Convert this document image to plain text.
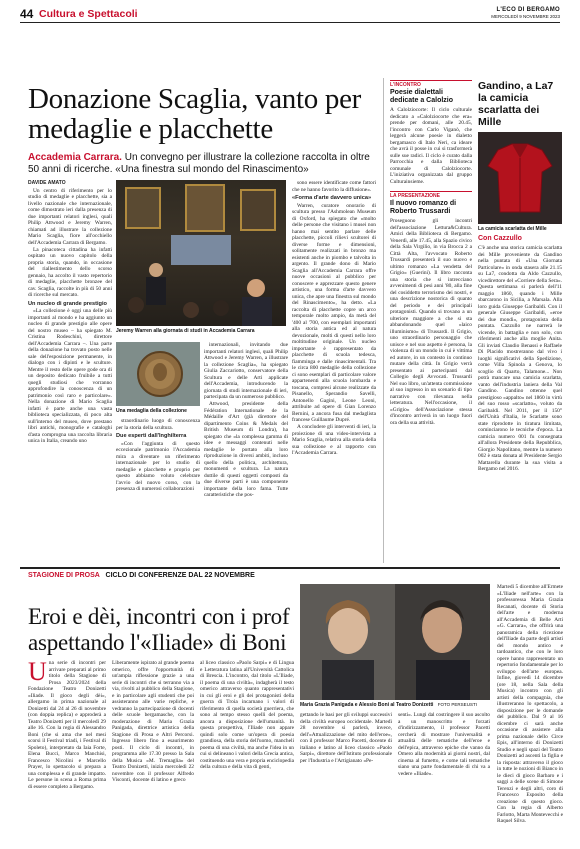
44 Cultura e Spettacoli	L'ECO DI BERGAMO
MERCOLEDÌ 9 NOVEMBRE 2023
Donazione Scaglia, vanto per medaglie e placchette
Accademia Carrara. Un convegno per illustrare la collezione raccolta in oltre 50 anni di ricerche. «Una finestra sul mondo del Rinascimento»
DAVIDE AMATO

Un centro di riferimento per lo studio di medaglie e placchette, sia a livello nazionale che internazionale, come dimostrato ieri dalla presenza di due importanti relatori inglesi, quali Philip Attwood e Jeremy Warren, chiamati ad illustrare la collezione Mario Scaglia, fiore all'occhiello dell'Accademia Carrara di Bergamo.

La pinacoteca cittadina ha infatti ospitato un nuovo capitolo della propria storia, quando, in occasione del riallestimento dello scorso gennaio, ha accolto il vasto repertorio di medaglie, placchette bronzee del cav. Scaglia, raccolte in più di 50 anni di ricerche sul mercato.

Un nucleo di grande prestigio

«La collezione è oggi una delle più importanti al mondo e ha aggiunto un nucleo di grande prestigio alle opere del nostro museo – ha spiegato M. Cristina Rodeschini, direttore dell'Accademia Carrara –. Una parte della donazione ha trovato posto nelle sale dell'esposizione permanente, in dialogo con i dipinti e le sculture. Mentre il resto delle opere gode ora di un deposito dedicato fruibile a tutti quegli studiosi che vorranno approfondire la conoscenza di un patrimonio così raro e particolare». Nella donazione di Mario Scaglia infatti è parte anche una vasta biblioteca specializzata, di poco alta sull'interno del museo, dove prestano libri antichi, monografie e cataloghi d'asta comprogna una raccolta libraria unica in Italia, creando uno

Jeremy Warren alla giornata di studi in Accademia Carrara
Una medaglia della collezione

straordinario luogo di conoscenza per la storia della scultura.

Due esperti dall'Inghilterra

«Con l'aggiunta di questo eccezionale patrimonio l'Accademia mira a diventare un riferimento internazionale per lo studio di medaglie e placchette e proprio per questo abbiamo voluto celebrare l'avvio del nuovo corso, con la presenza di numerosi collaborazioni

internazionali, invitando due importanti relatori inglesi, quali Philip Attwood e Jeremy Warren, a illustrare la collezione Scaglia», ha spiegato Giulia Zaccariotto, conservatore della Scultura e delle Arti applicate dell'Accademia, introducendo la giornata di studi internazionale di ieri, partecipata da un numeroso pubblico.

Attwood, presidente della Fédération Internationale de la Médaille d'Art (già direttore del dipartimento Coins & Medals del British Museum di Londra), ha spiegato che «la complessa gamma di idee e messaggi contenuti nelle medaglie le portato alla loro riproduzione in diversi ambiti, incluso quello della politica, architettura, monumenti e scultura. La natura duttile di questi oggetti composti da due diverse parti è una componente importante della loro fama. Tutte caratteristiche che pos-

sono essere identificate come fattori che ne hanno favorito la diffusione».

«Forma d'arte davvero unica»

Warren, curatore onorario di scultura presso l'Ashmolean Museum di Oxford, ha spiegato che «molto delle persone che visitano i musei non hanno mai sentito parlare delle placchette, piccoli rilievi scultorei di diverse forme e dimensioni, solitamente realizzati in bronzo ma esistenti anche in piombo e talvolta in argento. Il grande dono di Mario Scaglia all'Accademia Carrara offre nuove occasioni al pubblico per conoscere e apprezzare questo genere artistico, una forma d'arte davvero unica, che apre una finestra sul mondo del Rinascimento», ha detto. «La raccolta di placchette copre un arco temporale molto ampio, da metà del '400 al '700, con esemplari importanti alla storia antica ed al natura devozionale, molti di questi nello loro moltitudine originale. Un nucleo importante è rappresentato da placchette di scuola tedesca, fiamminga e dalle rinascimentali. Tra le circa 800 medaglie della collezione ci sono esemplari di particolare valore appartenenti alla scuola lombarda e toscana, compresi alcune realizzate da Pisanello, Sperandio Savelli, Antonello Gagini, Leone Leoni, attribuite ad opere di Gian Lorenzo Bernini, a ancora fusa dal medaglista francese Guillaume Dupré.

A concludere gli interventi di ieri, la proiezione di una video-intervista a Mario Scaglia, relativa alla storia della sua collezione e al rapporto con l'Accademia Carrara.

L'INCONTRO
Poesie dialettali dedicate a Calolzio
A Calolziocorte: Il ciclo culturale dedicato a «Calolziocorte che era» prende per domani, alle 20.45, l'incontro con Carlo Viganò, che leggerà alcune poesie in dialetto bergamasco di Italo Neri, ca ideare che avrà il posse in cui si trasformerà sulle sue radici. Il ciclo è curato dalla Parrocchia e dalla Biblioteca comunale di Calolziocorte. L'iniziativa organizzata dal gruppo Culturainsieme.
LA PRESENTAZIONE
Il nuovo romanzo di Roberto Trussardi
Proseguono gli incontri dell'associazione Lettura&Cultura. Amici della Biblioteca di Bergamo. Venerdì, alle 17.45, alla Spazio civico della Sala Virgilio, in via Brocca 2 a Città Alta, l'avvocato Roberto Trussardi presenterà il suo nuovo e ultimo romanzo «La vendetta del Grigio» (Guerini). Il libro racconta una storia che si intrecciano avvenimenti di pesi anni '80, alla fine del cosiddetto terrorismo dei nostri, e una descrizione nostorica di quanto del periodo e dei principali protagonisti. Quando si trovano a un ulteriore maggiore a che si sta abbandonando quel «laico illuminismo» di Trussardi. Il Grigio, uno straordinario personaggio che unisce e nel suo aspetto è persona, la violenza di un mondo in cui è vittima ed autore, in un contesto in continuo mutare della città. In Grigio verrà presentato ai partecipanti dal Collegio degli Avvocati. Trussardi Nel suo libro, un'attenta commissione al suo ingresso in un scenario di tipo narrativo con rilevanza nella letteratura. Nell'occasione, il «Grigio» dell'Associazione stessa d'incontro arriverà in un luogo fuori ora della sua attività.
Gandino, a La7 la camicia scarlatta dei Mille
La camicia scarlatta dei Mille
Con Cazzullo
C'è anche una storica camicia scarlatta dei Mille proveniente da Gandino nella puntata di «Una Giornata Particolare» in onda stasera alle 21.15 su La7, condotta da Aldo Cazzullo, vicedirettore del «Corriere della Sera». Questa settimana si parlerà dell'11 maggio 1860, quando i Mille sbarcarono in Sicilia, a Marsala. Alla loro guida Giuseppe Garibaldi. Con il generale Giuseppe Garibaldi, «eroe dei due mondi», protagonista della puntata. Cazzullo ne narrerà le vicende, in battaglia e non solo, con riferimenti anche alla moglie Anita. Gli inviati Claudio Benassi e Raffaele Di Placido mostreranno dal vivo i luoghi significativi della Spedizione, come Villa Spinola a Genova, lo scoglio di Quarto, Talamone... Non potrà mancare una camicia scarlatta, vanto dell'industria laniera della Val Gandino. Gandino ottenne quel prestigioso «appalto» nel 1860 in virtù del suo rosso «scarlatto», voluto da Garibaldi. Nel 2011, per il 150° dell'Unità d'Italia, le Scarlatte sono state riprodotte in tiratura limitata, cominciarono le tecniche d'epoca. La camicia numero 001 fu consegnata all'allora Presidente della Repubblica, Giorgio Napolitano, mentre la numero 002 è stata donata al Presidente Sergio Mattarella durante la sua visita a Bergamo nel 2016.
STAGIONE DI PROSA CICLO DI CONFERENZE DAL 22 NOVEMBRE
Eroi e dèi, incontri con i prof aspettando l'«Iliade» di Boni
Maria Grazia Panigada e Alessio Boni al Teatro Donizetti FOTO PERSEUSTI
U na serie di incontri per arrivare preparati al primo titolo della Stagione di Prosa 2023/2024 della Fondazione Teatro Donizetti «Iliade. Il gioco degli dèi», allergamo in prima nazionale al Donizetti dal 24 al 26 di novembre (con doppia replica) e approderà a Teatro Donizetti per il mercoledì 29 alle 16. Con la regia di Alessandro Boni (che si ama che nel mesi scorsi il Festival triadi, i Festival di Spoleto), interpretato da Iaia Forte, Elena Bucci, Marco Manchisi, Francesco Nicolini e Marcello Prayer, lo spettacolo si prepara a una complessa e di grande impatto. Le persone in scena a Roma prima di essere completo a Bergamo.
Liberamente ispirato al grande poema omerico, offre l'opportunità di un'ampia riflessione grazie a una serie di incontri che si terranno via a via, rivolti al pubblico della Stagione, e in particolare agli studenti che poi assisteranno alle varie repliche, e vedranno la partecipazione di docenti delle scuole bergamasche, con la moderazione di Maria Grazia Panigada, direttrice artistica della Stagione di Prosa e Altri Percorsi. Ingresso libero fino a esaurimento posti. Il ciclo di incontri, in programma alle 17.30 presso la Sala della Musica «M. Tremaglia» del Teatro Donizetti, inizia mercoledì 22 novembre con il professor Alfredo Visconti, docente di latino e greco
al liceo classico «Paolo Sarpi» e di Lingua e Letteratura latina all'Università Cattolica di Brescia. L'incontro, dal titolo «L'Iliade, il poema di una civiltà», indagherà il testo omerico attraverso quanto rappresentativi in cui gli eroi e gli dei protagonisti della guerra di Troia incarnano i valori di riferimento di quella società guerriera, che sono al tempo stesso quelli del poema, ancora a disposizione dell'umanità. In questa prospettiva, l'Iliade non appare quindi solo come un'opera di poesia grandiosa, della storia dell'uomo, mancheli poema di una civiltà, ma anche l'idea in un cui si delineano i valori della Grecia antica, costituendo una vera e propria enciclopedia della cultura e della vita di genti,
gettando le basi per gli sviluppi successivi della civiltà europea occidentale. Martedì 28 novembre si parlerà, invece, dell'«Attualizzazione del mito dell'eroe», con il professor Marco Pacetti, docente di italiano e latino al liceo classico «Paolo Sarpi», direttore dell'Istituto professionale per l'Industria e l'Artigianato «Pe-
senti». Lungi dal costringere il suo ascolto a un manoscritto e forzati d'indirizzamento, il professor Pacetti cercherà di mostrare l'universalità e attualità delle tematiche dell'eroe e dell'epica, attraverso epiche che vanno da Omero alla modernità ai giorni nostri, dal cinema al fumetto, e come tali tematiche siano una parte fondamentale di chi va a vedere «Iliade».
Martedì 5 dicembre all'Ermete «L'Iliade nell'arte» con la professoressa Maria Grazia Recanati, docente di Storia dell'arte e moderna all'Accademia di Belle Arti «G. Carrara», che offrirà una panoramica della ricezione dell'Iliade da parte degli artisti del mondo antico e tardoantico, che con le loro opere hanno rappresentato un repertorio fondamentale per lo sviluppo dell'arte europea. Infine, giovedì 14 dicembre (ore 18, nella Sala della Musica) incontro con gli artisti della compagnia, che illustreranno lo spettacolo, a disposizione per le domande del pubblico. Dal 9 al 16 dicembre ci sarà anche occasione di assistere alla prima nazionale dello Circe Epis, all'interno di Donizetti Studio e negli spazi del Teatro Donizetti ad ascenti la figlia e la risposta: attraverso il gioco in tutte le nozioni di Bianco in le dieci di gioco Barbaro e i saggi a delle scene di Simone Terenzi e degli altri, coro di Francesco Esposito della creazione di questo gioco. Con la regia di Alberto Farlotto, Marta Montevecchi e Raquel Silva.
